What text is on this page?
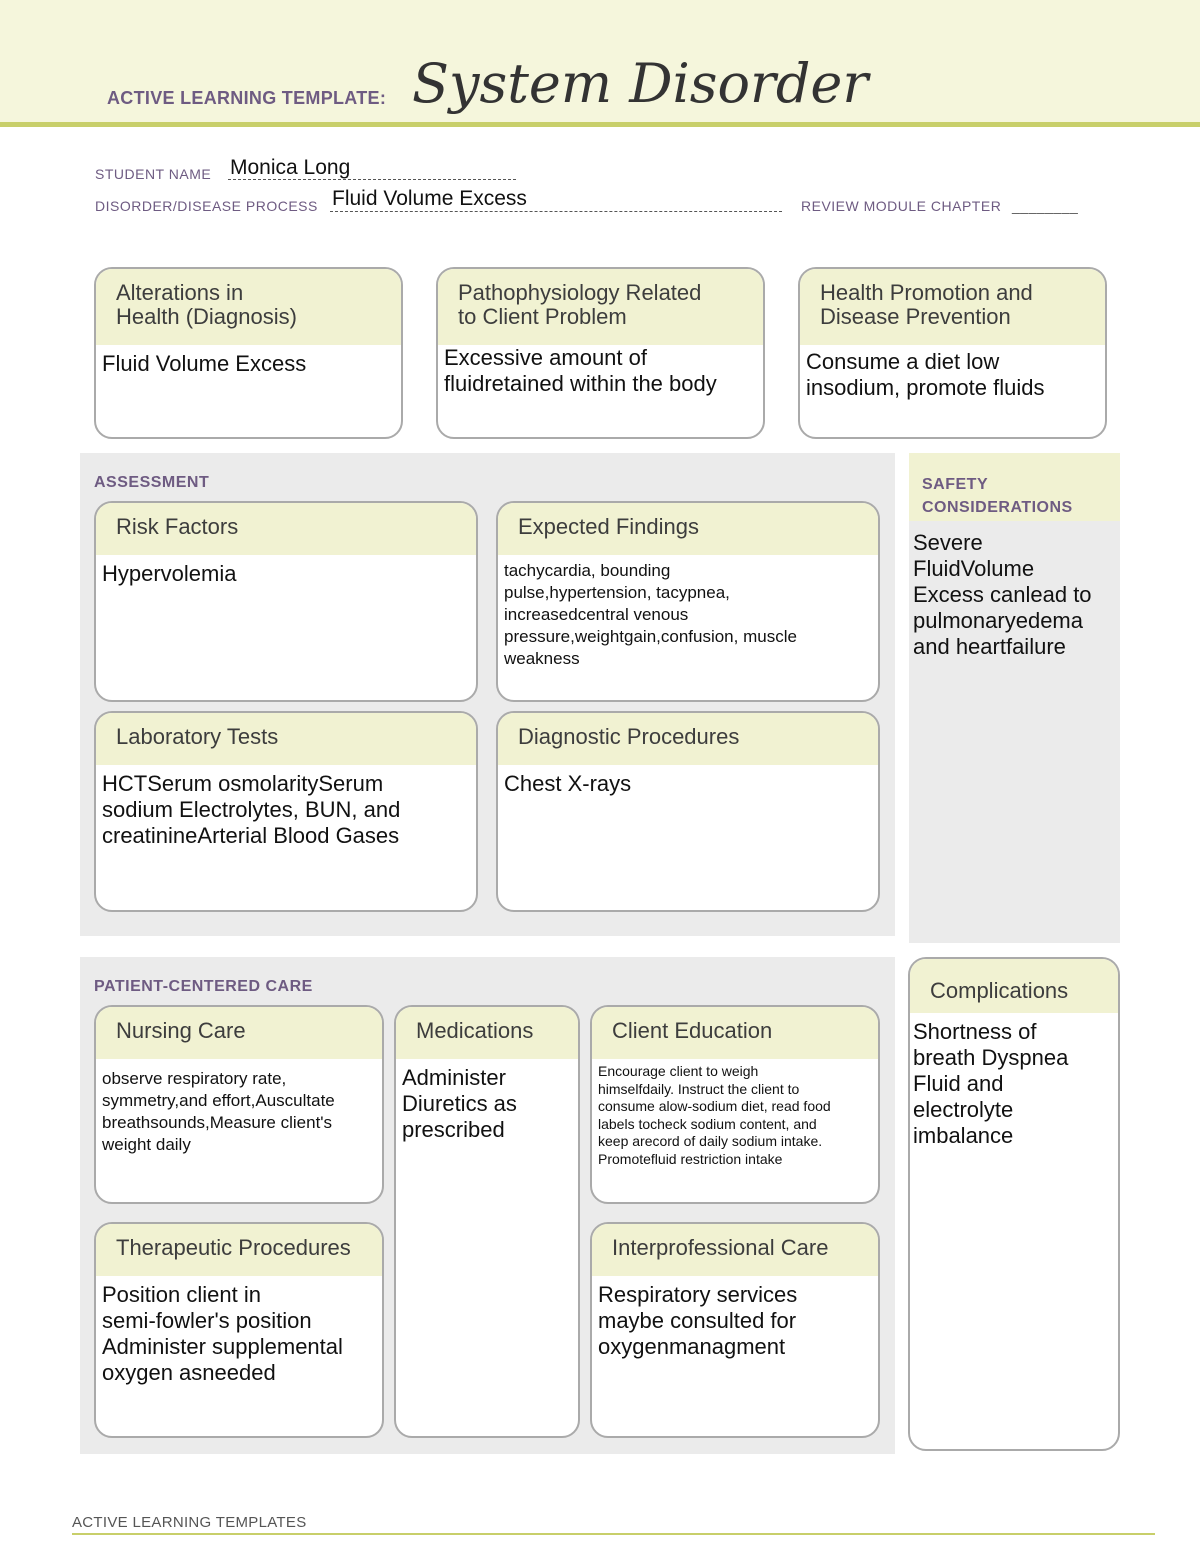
ACTIVE LEARNING TEMPLATE: System Disorder
STUDENT NAME Monica Long
DISORDER/DISEASE PROCESS Fluid Volume Excess	REVIEW MODULE CHAPTER ________
Alterations in
Health (Diagnosis)
Fluid Volume Excess
Pathophysiology Related
to Client Problem
Excessive amount of
fluidretained within the body
Health Promotion and
Disease Prevention
Consume a diet low
insodium, promote fluids
ASSESSMENT
Risk Factors
Hypervolemia
Expected Findings
tachycardia, bounding
pulse,hypertension, tacypnea,
increasedcentral venous
pressure,weightgain,confusion, muscle
weakness
Laboratory Tests
HCTSerum osmolaritySerum
sodium Electrolytes, BUN, and
creatinineArterial Blood Gases
Diagnostic Procedures
Chest X-rays
SAFETY
CONSIDERATIONS
Severe
FluidVolume
Excess canlead to
pulmonaryedema
and heartfailure
PATIENT-CENTERED CARE
Nursing Care
observe respiratory rate,
symmetry,and effort,Auscultate
breathsounds,Measure client's
weight daily
Medications
Administer
Diuretics as
prescribed
Client Education
Encourage client to weigh
himselfdaily. Instruct the client to
consume alow-sodium diet, read food
labels tocheck sodium content, and
keep arecord of daily sodium intake.
Promotefluid restriction intake
Therapeutic Procedures
Position client in
semi-fowler's position
Administer supplemental
oxygen asneeded
Interprofessional Care
Respiratory services
maybe consulted for
oxygenmanagment
Complications
Shortness of
breath Dyspnea
Fluid and
electrolyte
imbalance
ACTIVE LEARNING TEMPLATES
